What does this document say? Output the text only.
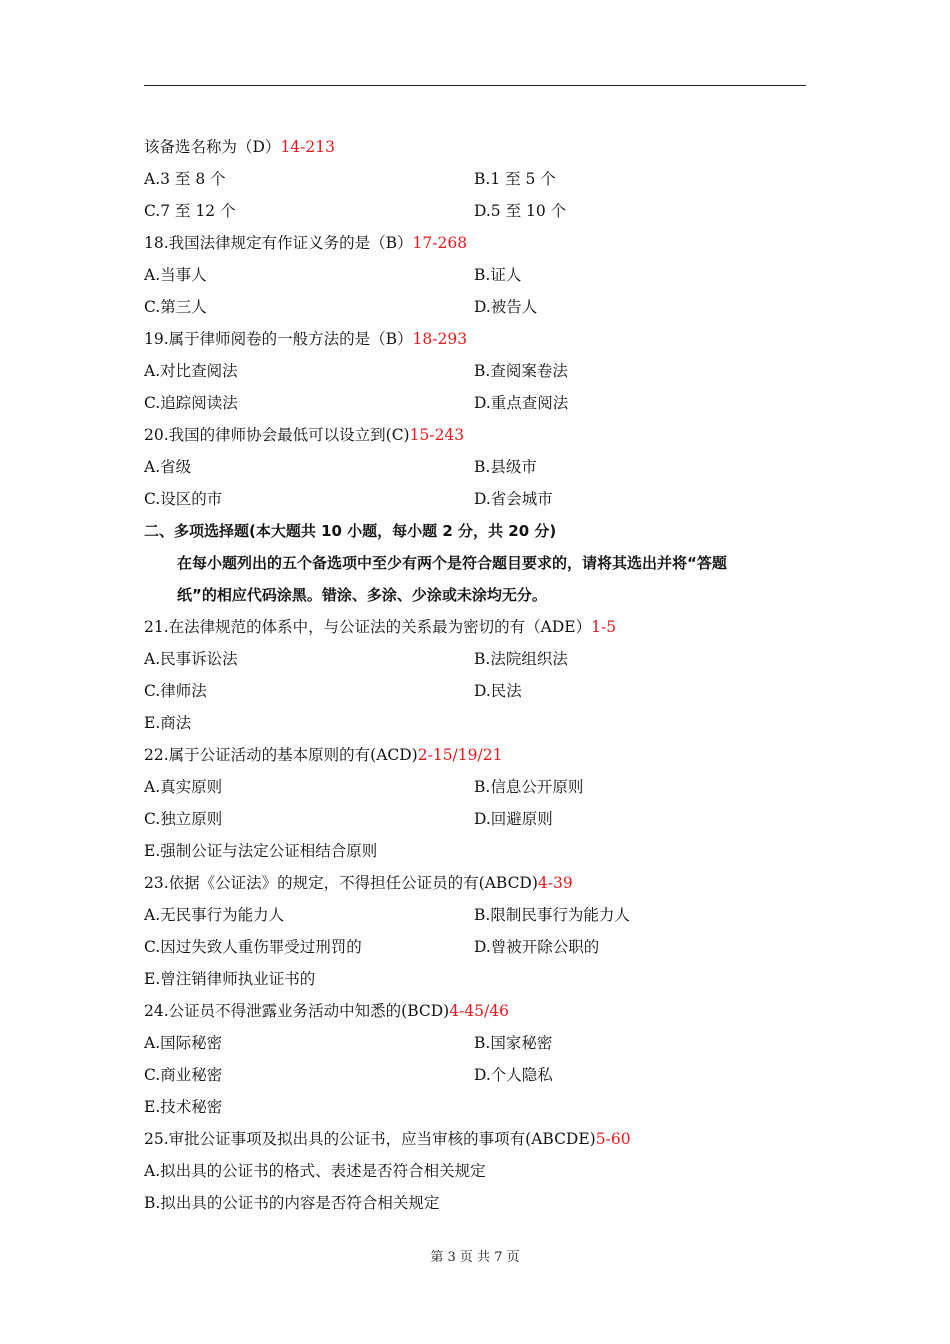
该备选名称为（D） 14-213
A.3 至 8 个	B.1 至 5 个
C.7 至 12 个	D.5 至 10 个
18.我国法律规定有作证义务的是（B） 17-268
A.当事人	B.证人
C.第三人	D.被告人
19.属于律师阅卷的一般方法的是（B） 18-293
A.对比查阅法	B.查阅案卷法
C.追踪阅读法	D.重点查阅法
20.我国的律师协会最低可以设立到(C) 15-243
A.省级	B.县级市
C.设区的市	D.省会城市
二、多项选择题(本大题共 10 小题，每小题 2 分，共 20 分)
在每小题列出的五个备选项中至少有两个是符合题目要求的，请将其选出并将“答题
纸”的相应代码涂黑。错涂、多涂、少涂或未涂均无分。
21.在法律规范的体系中，与公证法的关系最为密切的有（ADE） 1-5
A.民事诉讼法	B.法院组织法
C.律师法	D.民法
E.商法
22.属于公证活动的基本原则的有(ACD) 2-15/19/21
A.真实原则	B.信息公开原则
C.独立原则	D.回避原则
E.强制公证与法定公证相结合原则
23.依据《公证法》的规定，不得担任公证员的有(ABCD) 4-39
A.无民事行为能力人	B.限制民事行为能力人
C.因过失致人重伤罪受过刑罚的	D.曾被开除公职的
E.曾注销律师执业证书的
24.公证员不得泄露业务活动中知悉的(BCD) 4-45/46
A.国际秘密	B.国家秘密
C.商业秘密	D.个人隐私
E.技术秘密
25.审批公证事项及拟出具的公证书，应当审核的事项有(ABCDE) 5-60
A.拟出具的公证书的格式、表述是否符合相关规定
B.拟出具的公证书的内容是否符合相关规定
第 3 页 共 7 页
